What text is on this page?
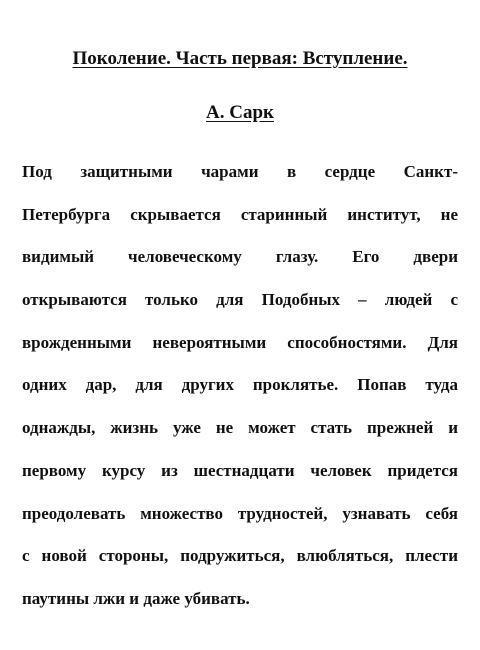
Поколение. Часть первая: Вступление.
А. Сарк
Под защитными чарами в сердце Санкт-
Петербурга скрывается старинный институт, не
видимый человеческому глазу. Его двери
открываются только для Подобных – людей с
врожденными невероятными способностями. Для
одних дар, для других проклятье. Попав туда
однажды, жизнь уже не может стать прежней и
первому курсу из шестнадцати человек придется
преодолевать множество трудностей, узнавать себя
с новой стороны, подружиться, влюбляться, плести
паутины лжи и даже убивать.
